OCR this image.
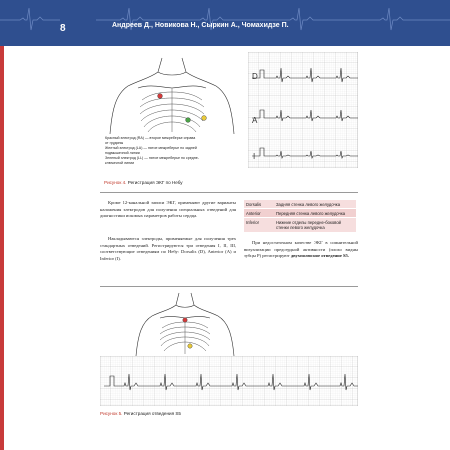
8	Андреев Д., Новикова Н., Сыркин А., Чомахидзе П.
Красный электрод (RA) — второе межреберье справа
от грудины
Желтый электрод (LA) — пятое межреберье по задней
подмышечной линии
Зеленый электрод (LL) — пятое межреберье по средне-
ключичной линии
D
A
I
Рисунок 4. Регистрация ЭКГ по Небу
Кроме 12-канальной записи ЭКГ, применяют другие варианты наложения электродов для получения специальных отведений для диагностики искомых параметров работы сердца.
Накладываются электроды, применяемые для получения трех стандартных отведений. Регистрируются три отведения I, II, III, соответствующие отведениям по Небу: Dorsalis (D), Anterior (A) и Inferior (I).
Dorsalis	Задняя стенка левого желудочка
Anterior	Передняя стенка левого желудочка
Inferior	Нижние отделы передне-боковой стенки левого желудочка
При недостаточном качестве ЭКГ в сомнительной визуализации предсердной активности (плохо видны зубцы P) регистрируют двухполюсное отведение S5.
Рисунок 5. Регистрация отведения S5
